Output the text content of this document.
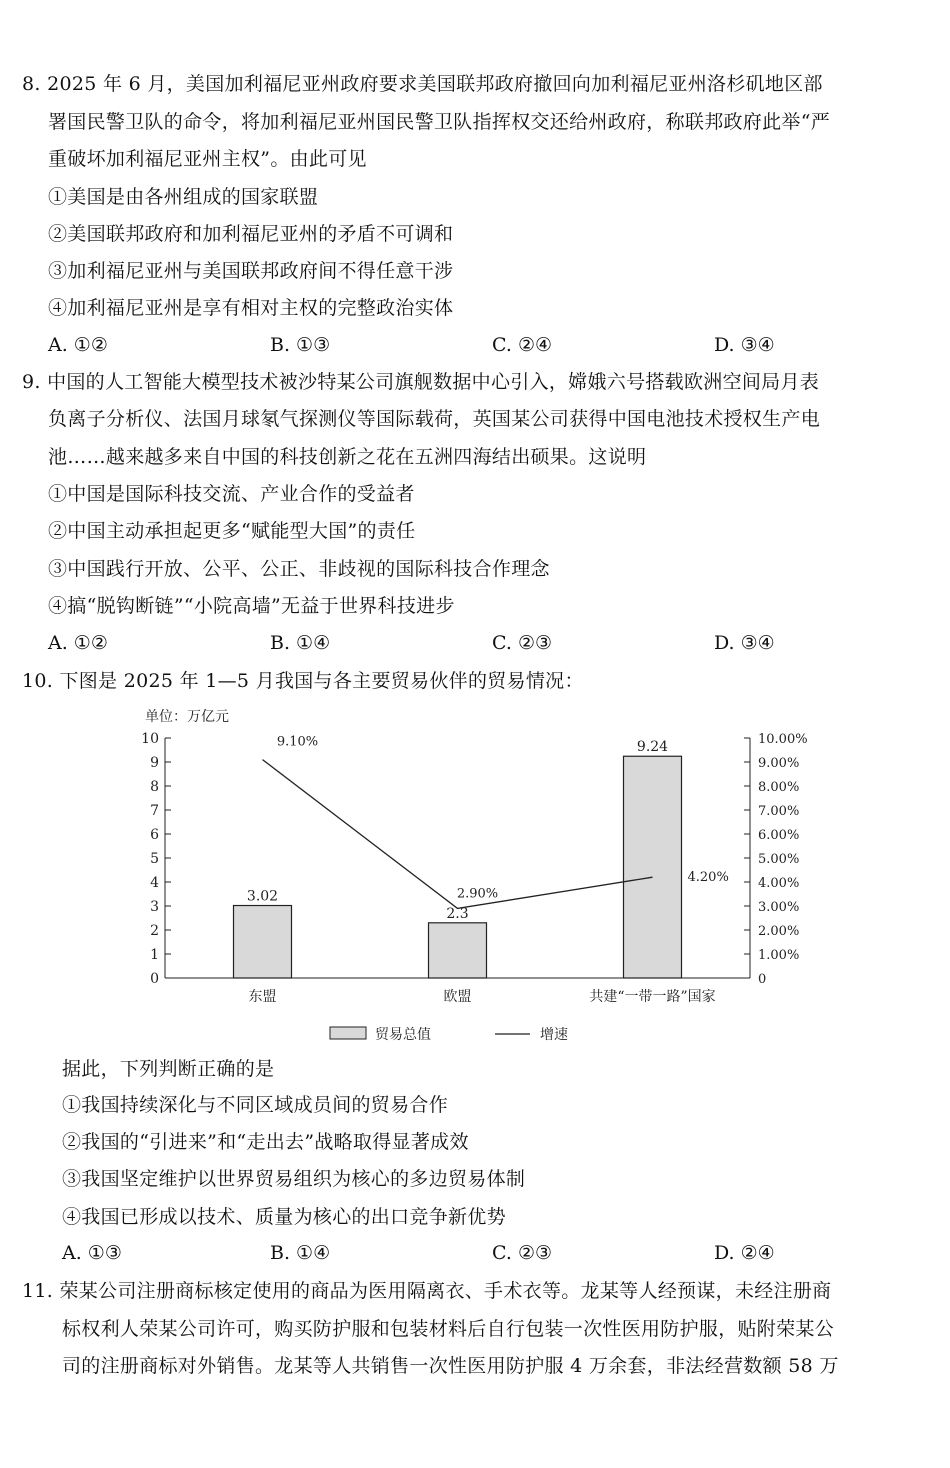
8. 2025 年 6 月，美国加利福尼亚州政府要求美国联邦政府撤回向加利福尼亚州洛杉矶地区部
署国民警卫队的命令，将加利福尼亚州国民警卫队指挥权交还给州政府，称联邦政府此举“严
重破坏加利福尼亚州主权”。由此可见
①美国是由各州组成的国家联盟
②美国联邦政府和加利福尼亚州的矛盾不可调和
③加利福尼亚州与美国联邦政府间不得任意干涉
④加利福尼亚州是享有相对主权的完整政治实体
A. ①②	B. ①③	C. ②④	D. ③④
9. 中国的人工智能大模型技术被沙特某公司旗舰数据中心引入，嫦娥六号搭载欧洲空间局月表
负离子分析仪、法国月球氡气探测仪等国际载荷，英国某公司获得中国电池技术授权生产电
池……越来越多来自中国的科技创新之花在五洲四海结出硕果。这说明
①中国是国际科技交流、产业合作的受益者
②中国主动承担起更多“赋能型大国”的责任
③中国践行开放、公平、公正、非歧视的国际科技合作理念
④搞“脱钩断链”“小院高墙”无益于世界科技进步
A. ①②	B. ①④	C. ②③	D. ③④
10. 下图是 2025 年 1—5 月我国与各主要贸易伙伴的贸易情况：
单位：万亿元
0
1
2
3
4
5
6
7
8
9
10
0
1.00%
2.00%
3.00%
4.00%
5.00%
6.00%
7.00%
8.00%
9.00%
10.00%
3.02
2.3
9.24
东盟	欧盟	共建“一带一路”国家
9.10%
2.90%
4.20%
贸易总值	增速
据此，下列判断正确的是
①我国持续深化与不同区域成员间的贸易合作
②我国的“引进来”和“走出去”战略取得显著成效
③我国坚定维护以世界贸易组织为核心的多边贸易体制
④我国已形成以技术、质量为核心的出口竞争新优势
A. ①③	B. ①④	C. ②③	D. ②④
11. 荣某公司注册商标核定使用的商品为医用隔离衣、手术衣等。龙某等人经预谋，未经注册商
标权利人荣某公司许可，购买防护服和包装材料后自行包装一次性医用防护服，贴附荣某公
司的注册商标对外销售。龙某等人共销售一次性医用防护服 4 万余套，非法经营数额 58 万
